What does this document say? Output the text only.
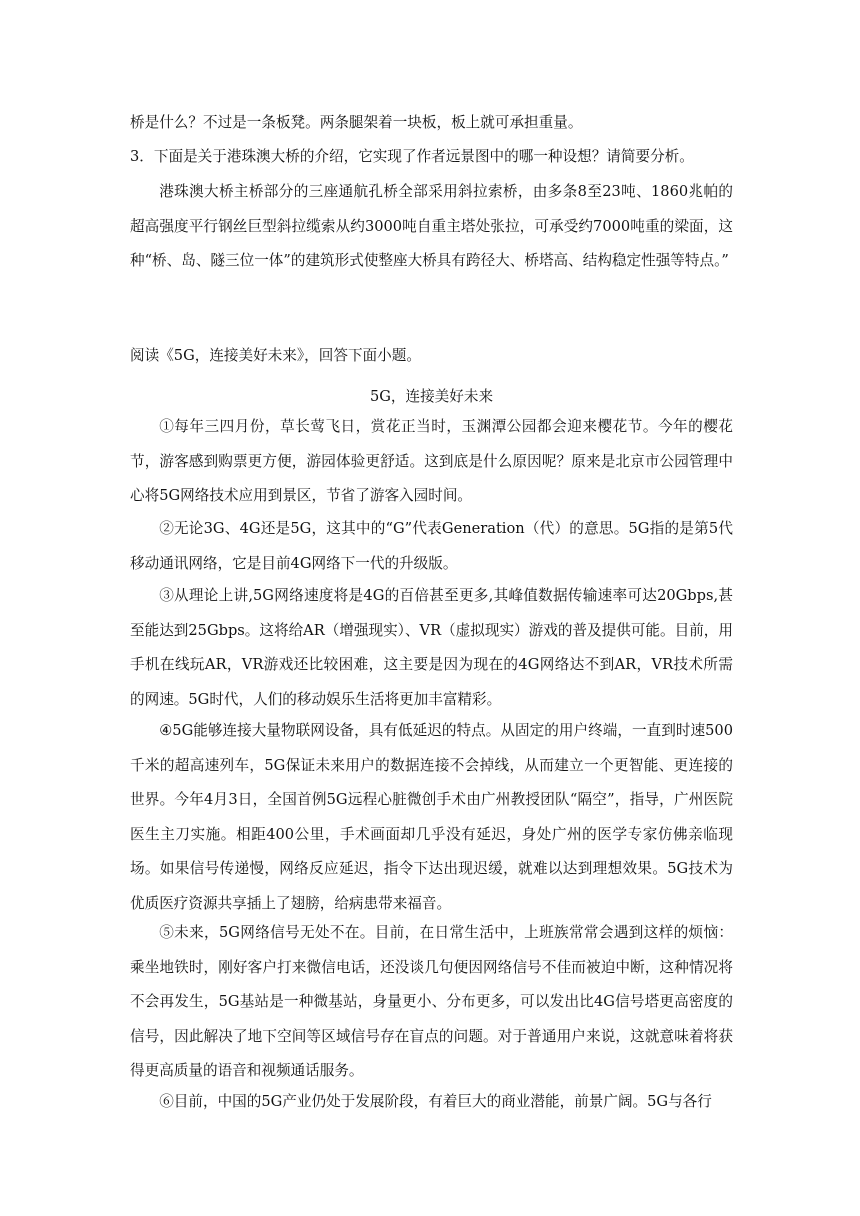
桥是什么？不过是一条板凳。两条腿架着一块板，板上就可承担重量。

3．下面是关于港珠澳大桥的介绍，它实现了作者远景图中的哪一种设想？请简要分析。

港珠澳大桥主桥部分的三座通航孔桥全部采用斜拉索桥，由多条8至23吨、1860兆帕的超高强度平行钢丝巨型斜拉缆索从约3000吨自重主塔处张拉，可承受约7000吨重的梁面，这种“桥、岛、隧三位一体”的建筑形式使整座大桥具有跨径大、桥塔高、结构稳定性强等特点。”

阅读《5G，连接美好未来》，回答下面小题。

5G，连接美好未来

①每年三四月份，草长莺飞日，赏花正当时，玉渊潭公园都会迎来樱花节。今年的樱花节，游客感到购票更方便，游园体验更舒适。这到底是什么原因呢？原来是北京市公园管理中心将5G网络技术应用到景区，节省了游客入园时间。

②无论3G、4G还是5G，这其中的“G”代表Generation（代）的意思。5G指的是第5代移动通讯网络，它是目前4G网络下一代的升级版。

③从理论上讲,5G网络速度将是4G的百倍甚至更多,其峰值数据传输速率可达20Gbps,甚至能达到25Gbps。这将给AR（增强现实）、VR（虚拟现实）游戏的普及提供可能。目前，用手机在线玩AR，VR游戏还比较困难，这主要是因为现在的4G网络达不到AR，VR技术所需的网速。5G时代，人们的移动娱乐生活将更加丰富精彩。

④5G能够连接大量物联网设备，具有低延迟的特点。从固定的用户终端，一直到时速500千米的超高速列车，5G保证未来用户的数据连接不会掉线，从而建立一个更智能、更连接的世界。今年4月3日，全国首例5G远程心脏微创手术由广州教授团队“隔空”，指导，广州医院医生主刀实施。相距400公里，手术画面却几乎没有延迟，身处广州的医学专家仿佛亲临现场。如果信号传递慢，网络反应延迟，指令下达出现迟缓，就难以达到理想效果。5G技术为优质医疗资源共享插上了翅膀，给病患带来福音。

⑤未来，5G网络信号无处不在。目前，在日常生活中，上班族常常会遇到这样的烦恼：乘坐地铁时，刚好客户打来微信电话，还没谈几句便因网络信号不佳而被迫中断，这种情况将不会再发生，5G基站是一种微基站，身量更小、分布更多，可以发出比4G信号塔更高密度的信号，因此解决了地下空间等区域信号存在盲点的问题。对于普通用户来说，这就意味着将获得更高质量的语音和视频通话服务。

⑥目前，中国的5G产业仍处于发展阶段，有着巨大的商业潜能，前景广阔。5G与各行
